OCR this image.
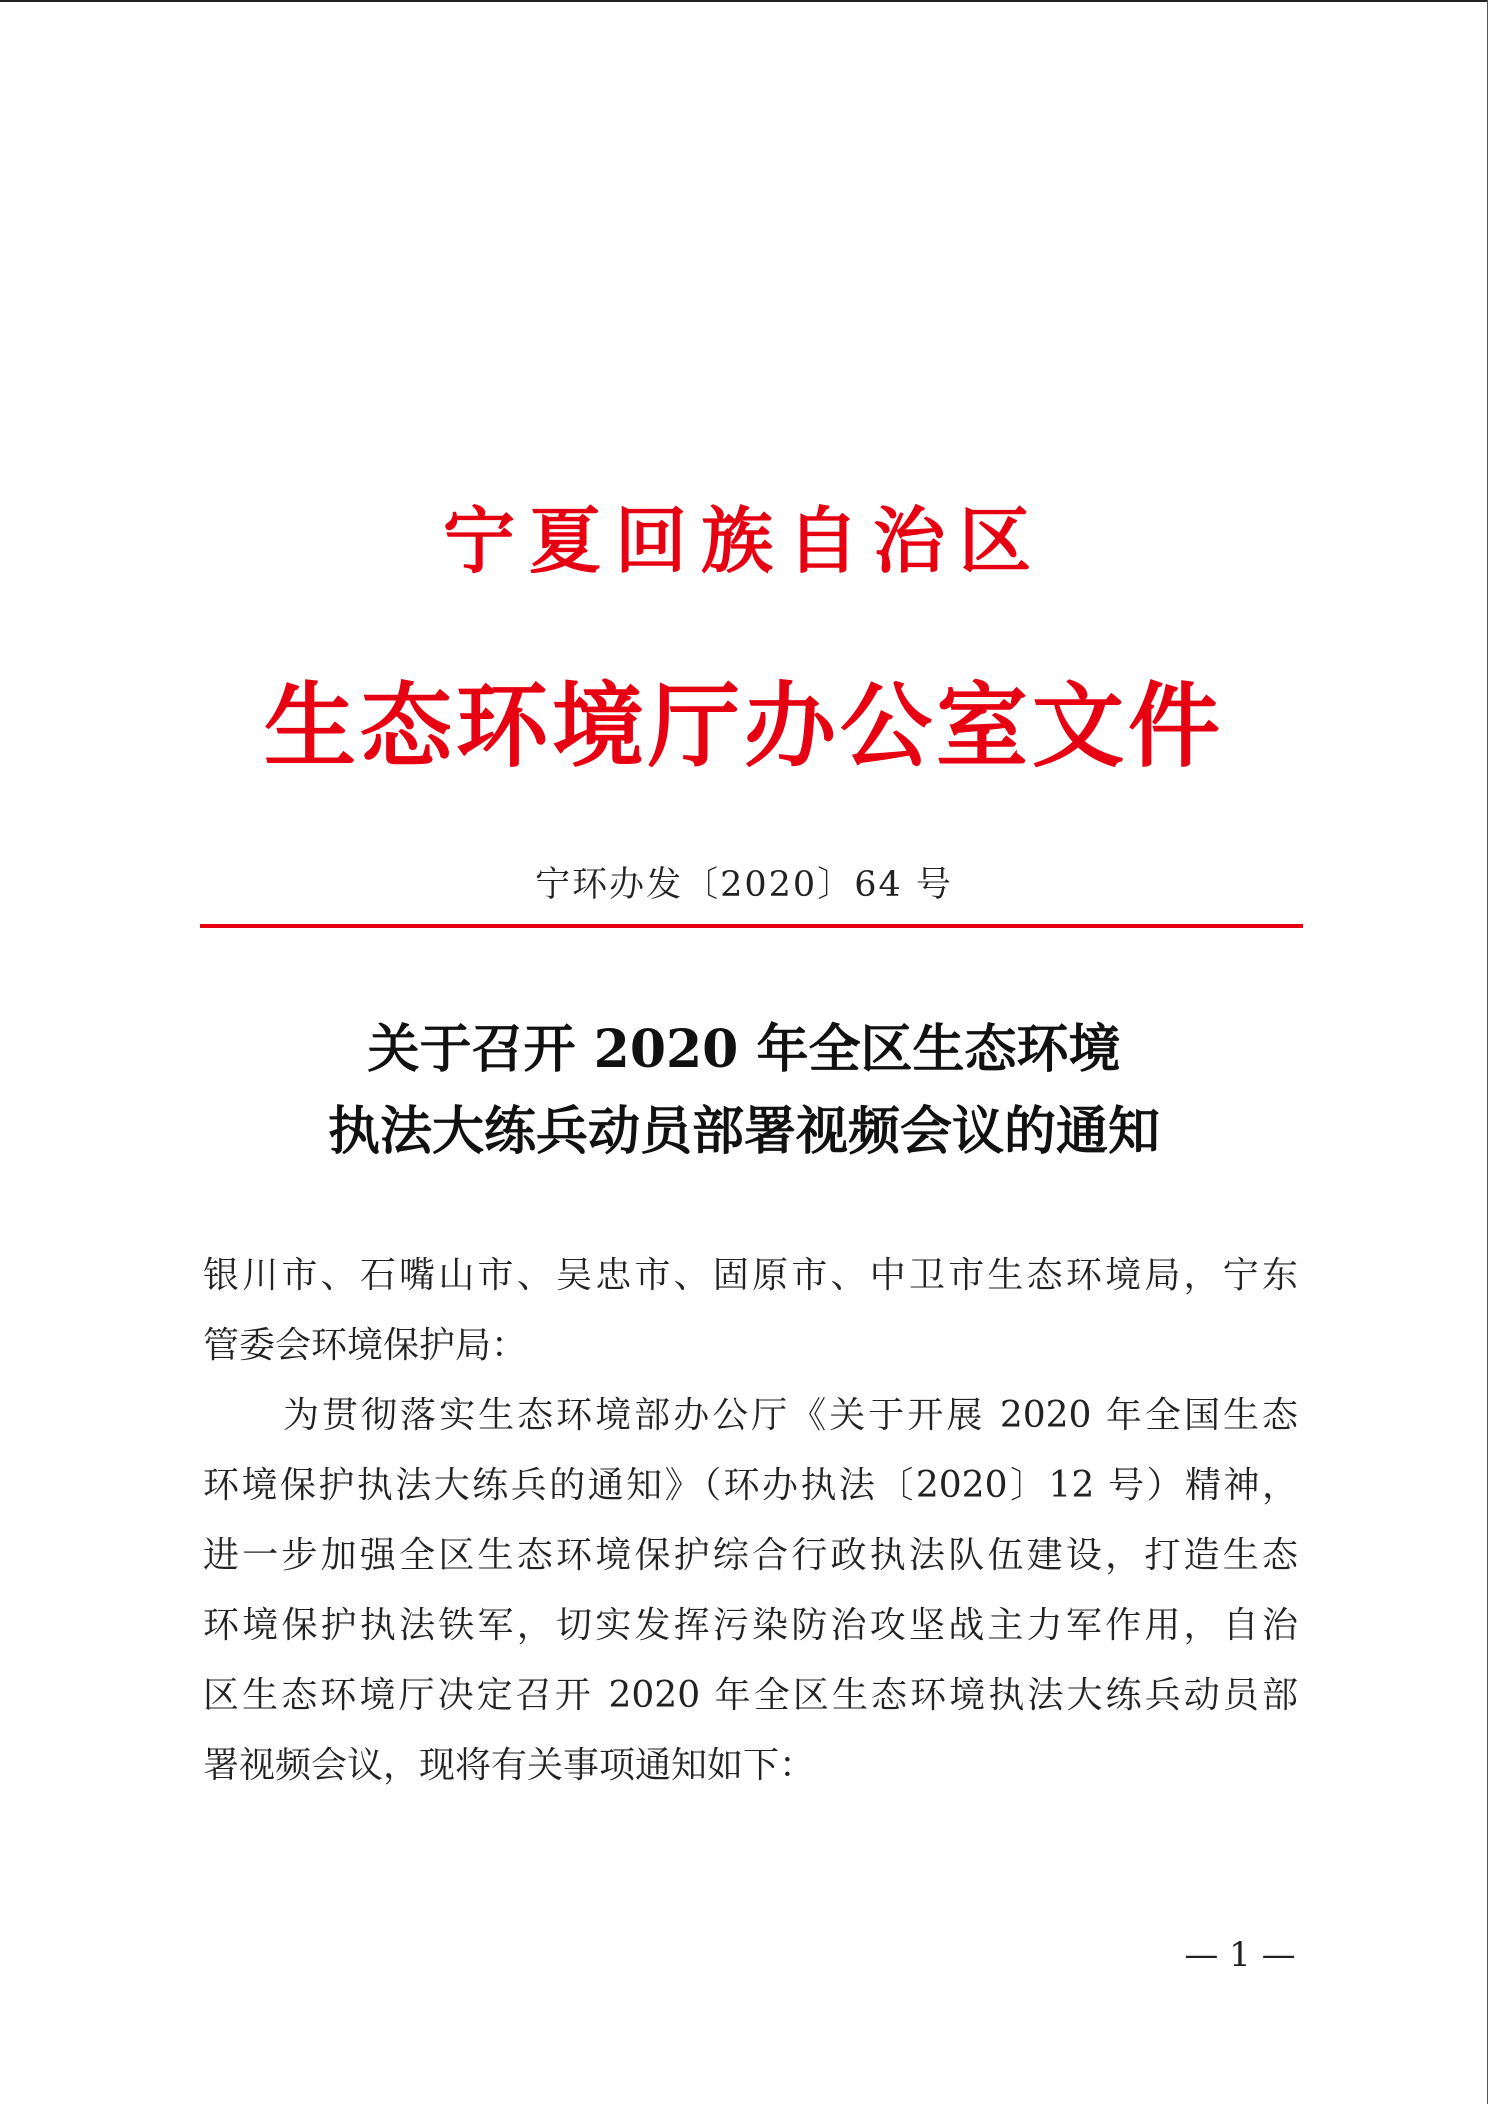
宁夏回族自治区
生态环境厅办公室文件
宁环办发〔2020〕64 号
关于召开 2020 年全区生态环境
执法大练兵动员部署视频会议的通知
银川市、石嘴山市、吴忠市、固原市、中卫市生态环境局，宁东
管委会环境保护局：
为贯彻落实生态环境部办公厅《关于开展 2020 年全国生态
环境保护执法大练兵的通知》（环办执法〔2020〕12 号）精神，
进一步加强全区生态环境保护综合行政执法队伍建设，打造生态
环境保护执法铁军，切实发挥污染防治攻坚战主力军作用，自治
区生态环境厅决定召开 2020 年全区生态环境执法大练兵动员部
署视频会议，现将有关事项通知如下：
— 1 —
